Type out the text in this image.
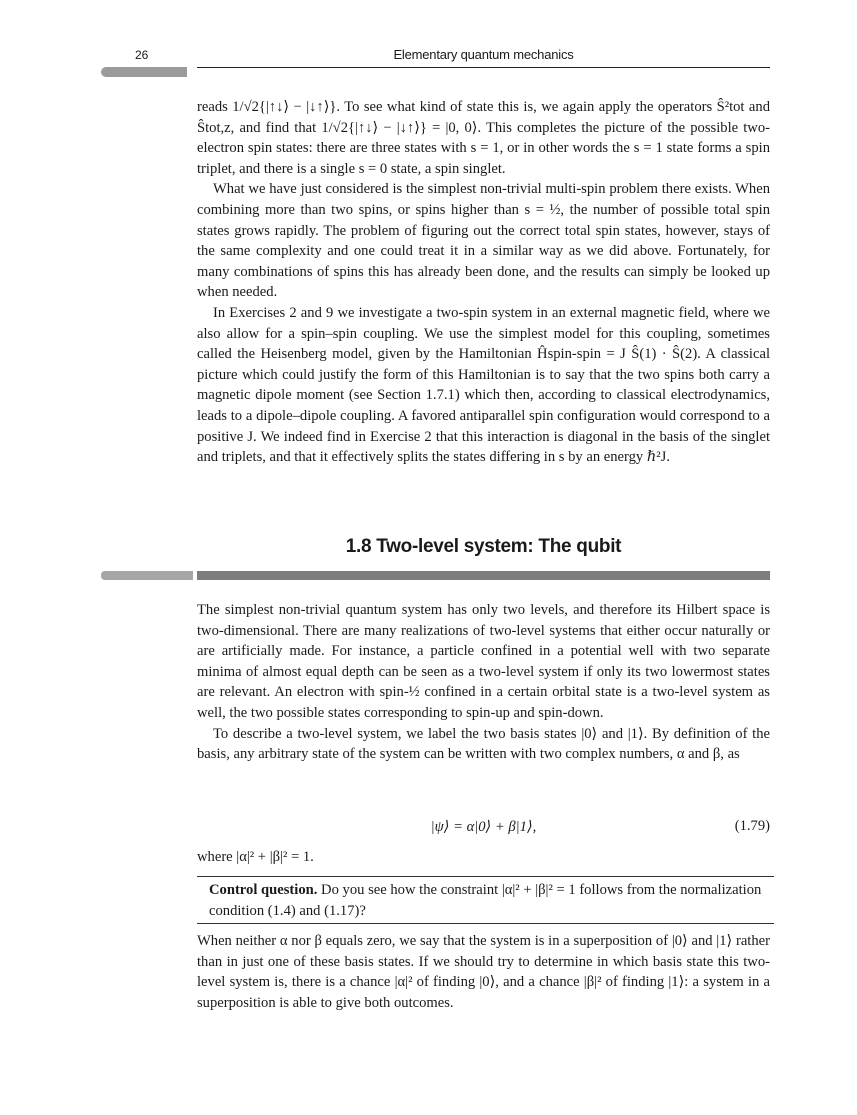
26	Elementary quantum mechanics

reads 1/√2{|↑↓⟩ − |↓↑⟩}. To see what kind of state this is, we again apply the operators Ŝ²tot and Ŝtot,z, and find that 1/√2{|↑↓⟩ − |↓↑⟩} = |0, 0⟩. This completes the picture of the possible two-electron spin states: there are three states with s = 1, or in other words the s = 1 state forms a spin triplet, and there is a single s = 0 state, a spin singlet.

What we have just considered is the simplest non-trivial multi-spin problem there exists. When combining more than two spins, or spins higher than s = ½, the number of possible total spin states grows rapidly. The problem of figuring out the correct total spin states, however, stays of the same complexity and one could treat it in a similar way as we did above. Fortunately, for many combinations of spins this has already been done, and the results can simply be looked up when needed.

In Exercises 2 and 9 we investigate a two-spin system in an external magnetic field, where we also allow for a spin–spin coupling. We use the simplest model for this coupling, sometimes called the Heisenberg model, given by the Hamiltonian Ĥspin-spin = J Ŝ(1) · Ŝ(2). A classical picture which could justify the form of this Hamiltonian is to say that the two spins both carry a magnetic dipole moment (see Section 1.7.1) which then, according to classical electrodynamics, leads to a dipole–dipole coupling. A favored antiparallel spin configuration would correspond to a positive J. We indeed find in Exercise 2 that this interaction is diagonal in the basis of the singlet and triplets, and that it effectively splits the states differing in s by an energy ℏ²J.

1.8 Two-level system: The qubit

The simplest non-trivial quantum system has only two levels, and therefore its Hilbert space is two-dimensional. There are many realizations of two-level systems that either occur naturally or are artificially made. For instance, a particle confined in a potential well with two separate minima of almost equal depth can be seen as a two-level system if only its two lowermost states are relevant. An electron with spin-½ confined in a certain orbital state is a two-level system as well, the two possible states corresponding to spin-up and spin-down.

To describe a two-level system, we label the two basis states |0⟩ and |1⟩. By definition of the basis, any arbitrary state of the system can be written with two complex numbers, α and β, as

|ψ⟩ = α|0⟩ + β|1⟩,	(1.79)
where |α|² + |β|² = 1.
Control question. Do you see how the constraint |α|² + |β|² = 1 follows from the normalization condition (1.4) and (1.17)?

When neither α nor β equals zero, we say that the system is in a superposition of |0⟩ and |1⟩ rather than in just one of these basis states. If we should try to determine in which basis state this two-level system is, there is a chance |α|² of finding |0⟩, and a chance |β|² of finding |1⟩: a system in a superposition is able to give both outcomes.
